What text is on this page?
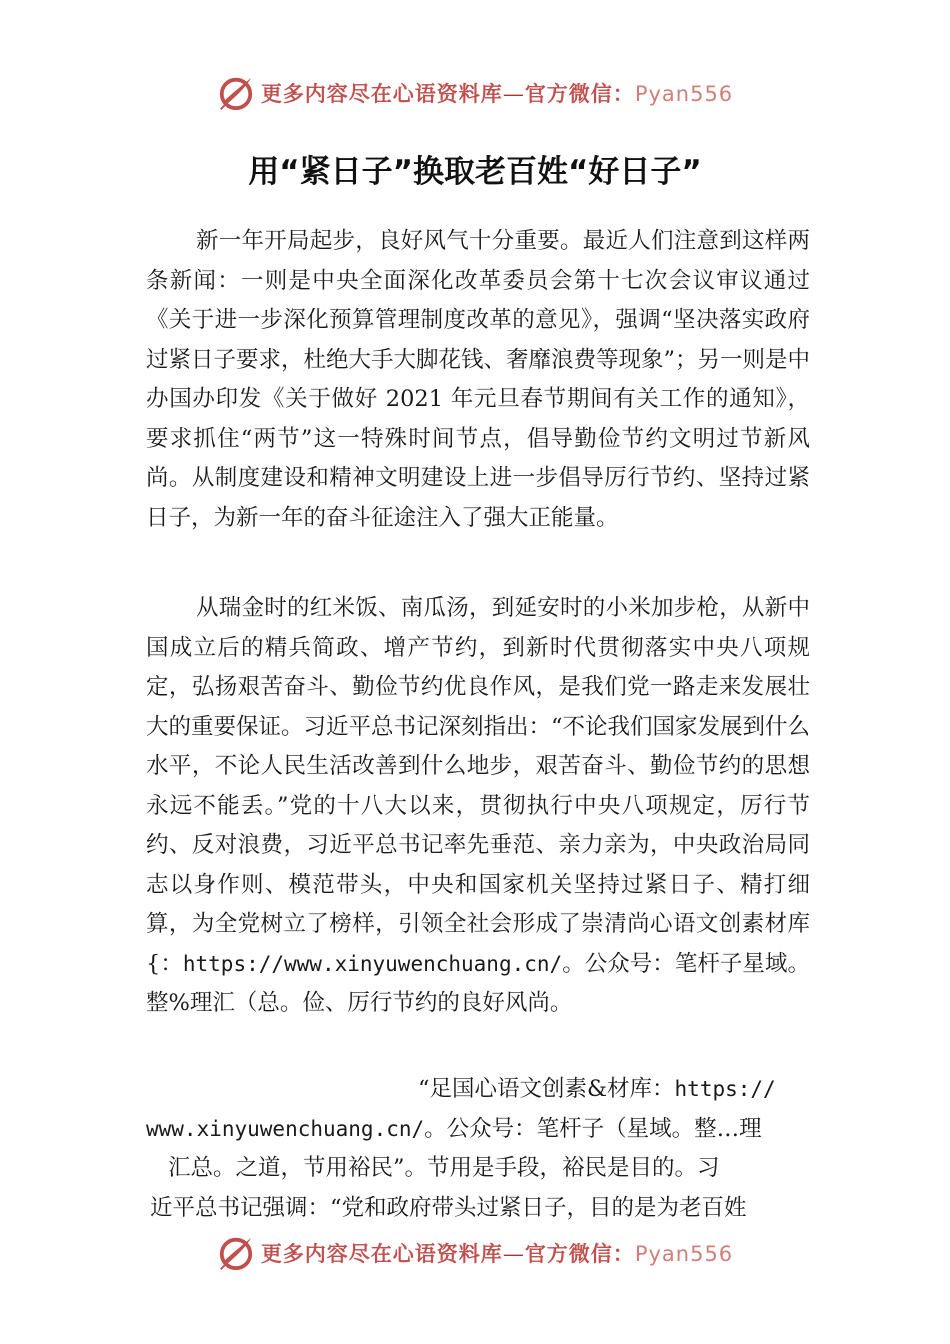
更多内容尽在心语资料库—官方微信：Pyan556
用“紧日子”换取老百姓“好日子”

新一年开局起步，良好风气十分重要。最近人们注意到这样两条新闻：一则是中央全面深化改革委员会第十七次会议审议通过《关于进一步深化预算管理制度改革的意见》，强调“坚决落实政府过紧日子要求，杜绝大手大脚花钱、奢靡浪费等现象”；另一则是中办国办印发《关于做好 2021 年元旦春节期间有关工作的通知》，要求抓住“两节”这一特殊时间节点，倡导勤俭节约文明过节新风尚。从制度建设和精神文明建设上进一步倡导厉行节约、坚持过紧日子，为新一年的奋斗征途注入了强大正能量。

从瑞金时的红米饭、南瓜汤，到延安时的小米加步枪，从新中国成立后的精兵简政、增产节约，到新时代贯彻落实中央八项规定，弘扬艰苦奋斗、勤俭节约优良作风，是我们党一路走来发展壮大的重要保证。习近平总书记深刻指出：“不论我们国家发展到什么水平，不论人民生活改善到什么地步，艰苦奋斗、勤俭节约的思想永远不能丢。”党的十八大以来，贯彻执行中央八项规定，厉行节约、反对浪费，习近平总书记率先垂范、亲力亲为，中央政治局同志以身作则、模范带头，中央和国家机关坚持过紧日子、精打细算，为全党树立了榜样，引领全社会形成了崇清尚心语文创素材库{：https://www.xinyuwenchuang.cn/。公众号：笔杆子星域。整%理汇（总。俭、厉行节约的良好风尚。

“足国心语文创素&材库：https://
www.xinyuwenchuang.cn/。公众号：笔杆子（星域。整…理
汇总。之道，节用裕民”。节用是手段，裕民是目的。习
近平总书记强调：“党和政府带头过紧日子，目的是为老百姓
更多内容尽在心语资料库—官方微信：Pyan556
